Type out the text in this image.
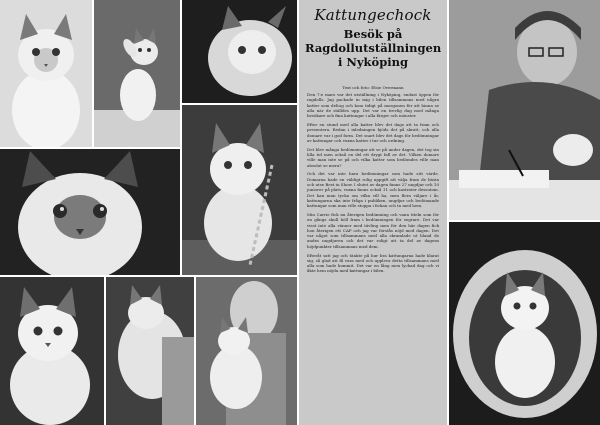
Kattungechock
Besök på Ragdollutställningen i Nyköping
Text och foto: Elsie Overmann

Den 7:e mars var det utställning i Nyköping, endast öppen för ragdolls. Jag packade in mig i bilen tillsammans med några katter som deltog och kom tidigt på morgonen för att hinna se alla när de ställdes upp. Det var en trevlig dag med många besökare och fina kattungar i alla färger och mönster.

Efter en stund med alla katter blev det dags att ta fram och presentera. Redan i inledningen bjöds det på skratt, och alla domare var i god form. Det snart blev det dags för bedömningar av kattungar och vuxna katter i tur och ordning.

Det blev många bedömningar att se på under dagen, det tog sin lilla tid men också en del ett drygt fall av det. Vilken domare ville man inte se på och vilka katter som bedömdes ville man absolut se mera?

Och det var inte bara bedömningar som hade sitt värde. Domarna hade en väldigt rolig uppgift att välja fram de bästa och utse Best in Show. I slutet av dagen fanns 27 ungdjur och 10 juniorer på plats, vuxna fanns också 11 och kastrater dessutom. Det kan man tycka om vilka vill ha, men flera väljare i år, kattungarna ska inte fråga i publiken, ungdjur och bedömande kattungar som man ville stoppa i fickan och ta med hem.

Min Carrie fick nu återigen bedömning och vann titeln som för en gångs skull höll fram i bedömningen för segrare. Det var visst inte alla vänner med tävling men för den här dagen fick hon återigen ett CAP och jag var förstås nöjd med dagen. Det var något som tillsammans med alla skramlade ut bland de andra ungdjuren och det var roligt att ta del av dagens höjdpunkter tillsammans med dem.

Efteråt satt jag och tänkte på hur bra kattungarna hade klarat sig, så glad att få vara med och uppleva detta tillsammans med alla som hade kommit. Det var en lång men lyckad dag och vi åkte hem nöjda med kattungar i bilen.
